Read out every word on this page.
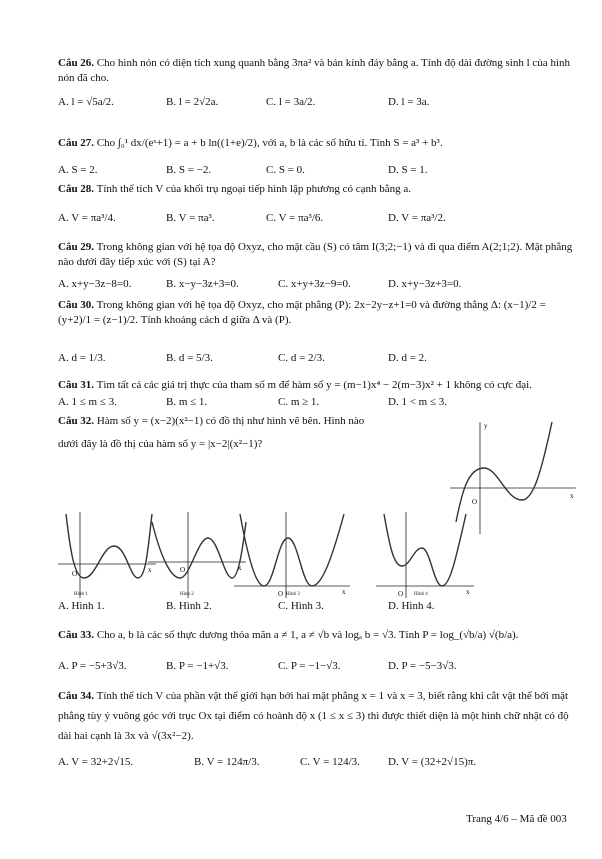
Câu 26. Cho hình nón có diện tích xung quanh bằng 3πa² và bán kính đáy bằng a. Tính độ dài đường sinh l của hình nón đã cho.
A. l = √5a/2.	B. l = 2√2a.	C. l = 3a/2.	D. l = 3a.
Câu 27. Cho ∫₀¹ dx/(eˣ+1) = a + b ln((1+e)/2), với a, b là các số hữu tỉ. Tính S = a³ + b³.
A. S = 2.	B. S = −2.	C. S = 0.	D. S = 1.
Câu 28. Tính thể tích V của khối trụ ngoại tiếp hình lập phương có cạnh bằng a.
A. V = πa³/4.	B. V = πa³.	C. V = πa³/6.	D. V = πa³/2.
Câu 29. Trong không gian với hệ tọa độ Oxyz, cho mặt cầu (S) có tâm I(3;2;−1) và đi qua điểm A(2;1;2). Mặt phẳng nào dưới đây tiếp xúc với (S) tại A?
A. x+y−3z−8=0.	B. x−y−3z+3=0.	C. x+y+3z−9=0.	D. x+y−3z+3=0.
Câu 30. Trong không gian với hệ tọa độ Oxyz, cho mặt phẳng (P): 2x−2y−z+1=0 và đường thẳng Δ: (x−1)/2 = (y+2)/1 = (z−1)/2. Tính khoảng cách d giữa Δ và (P).
A. d = 1/3.	B. d = 5/3.	C. d = 2/3.	D. d = 2.
Câu 31. Tìm tất cả các giá trị thực của tham số m để hàm số y = (m−1)x⁴ − 2(m−3)x² + 1 không có cực đại.
A. 1 ≤ m ≤ 3.	B. m ≤ 1.	C. m ≥ 1.	D. 1 < m ≤ 3.
Câu 32. Hàm số y = (x−2)(x²−1) có đồ thị như hình vẽ bên. Hình nào
dưới đây là đồ thị của hàm số y = |x−2|(x²−1)?
O
y
x
O	x	O	x
O	x	O	x
Hình 1	Hình 2	Hình 3	Hình 4
A. Hình 1.	B. Hình 2.	C. Hình 3.	D. Hình 4.
Câu 33. Cho a, b là các số thực dương thỏa mãn a ≠ 1, a ≠ √b và logₐ b = √3. Tính P = log_(√b/a) √(b/a).
A. P = −5+3√3.	B. P = −1+√3.	C. P = −1−√3.	D. P = −5−3√3.
Câu 34. Tính thể tích V của phần vật thể giới hạn bởi hai mặt phẳng x = 1 và x = 3, biết rằng khi cắt vật thể bởi mặt phẳng tùy ý vuông góc với trục Ox tại điểm có hoành độ x (1 ≤ x ≤ 3) thì được thiết diện là một hình chữ nhật có độ dài hai cạnh là 3x và √(3x²−2).
A. V = 32+2√15.	B. V = 124π/3.	C. V = 124/3.	D. V = (32+2√15)π.
Trang 4/6 – Mã đề 003
